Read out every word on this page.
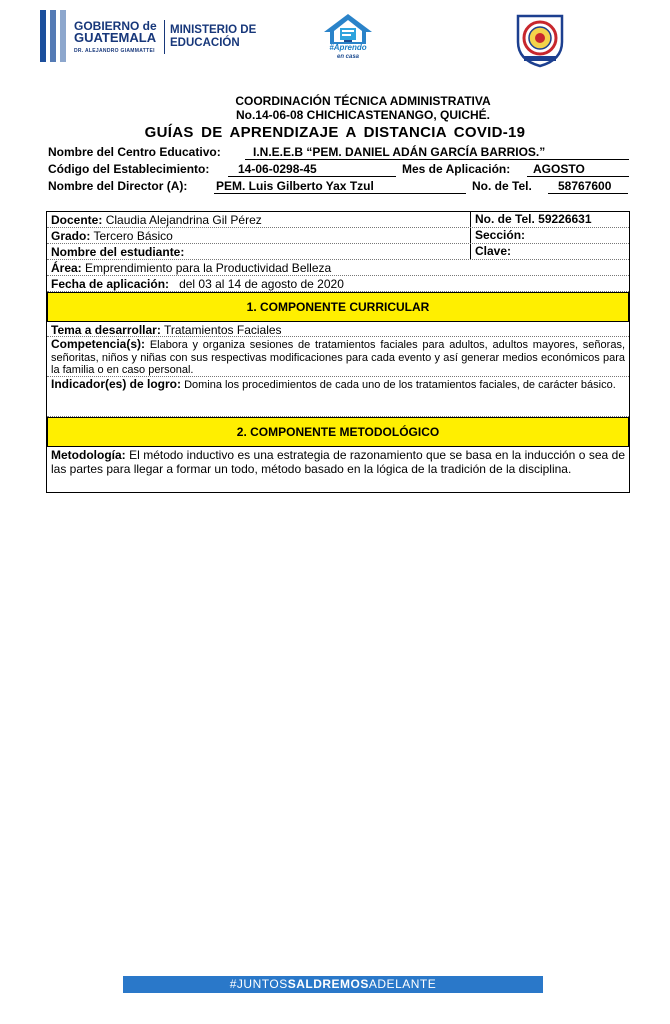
GOBIERNO de
GUATEMALA
DR. ALEJANDRO GIAMMATTEI
MINISTERIO DE
EDUCACIÓN	#Aprendo
en casa
COORDINACIÓN TÉCNICA ADMINISTRATIVA
No.14-06-08 CHICHICASTENANGO, QUICHÉ.
GUÍAS DE APRENDIZAJE A DISTANCIA COVID-19
Nombre del Centro Educativo:	I.N.E.E.B “PEM. DANIEL ADÁN GARCÍA BARRIOS.”
Código del Establecimiento:	14-06-0298-45	Mes de Aplicación:	AGOSTO
Nombre del Director (A): PEM. Luis Gilberto Yax Tzul	No. de Tel.	58767600
Docente: Claudia Alejandrina Gil Pérez	No. de Tel. 59226631
Grado: Tercero Básico	Sección:
Nombre del estudiante:	Clave:
Área: Emprendimiento para la Productividad Belleza
Fecha de aplicación: del 03 al 14 de agosto de 2020
1. COMPONENTE CURRICULAR
Tema a desarrollar: Tratamientos Faciales
Competencia(s): Elabora y organiza sesiones de tratamientos faciales para adultos, adultos mayores, señoras, señoritas, niños y niñas con sus respectivas modificaciones para cada evento y así generar medios económicos para la familia o en caso personal.
Indicador(es) de logro: Domina los procedimientos de cada uno de los tratamientos faciales, de carácter básico.
2. COMPONENTE METODOLÓGICO
Metodología: El método inductivo es una estrategia de razonamiento que se basa en la inducción o sea de las partes para llegar a formar un todo, método basado en la lógica de la tradición de la disciplina.
#JUNTOSSALDREMOSADELANTE
